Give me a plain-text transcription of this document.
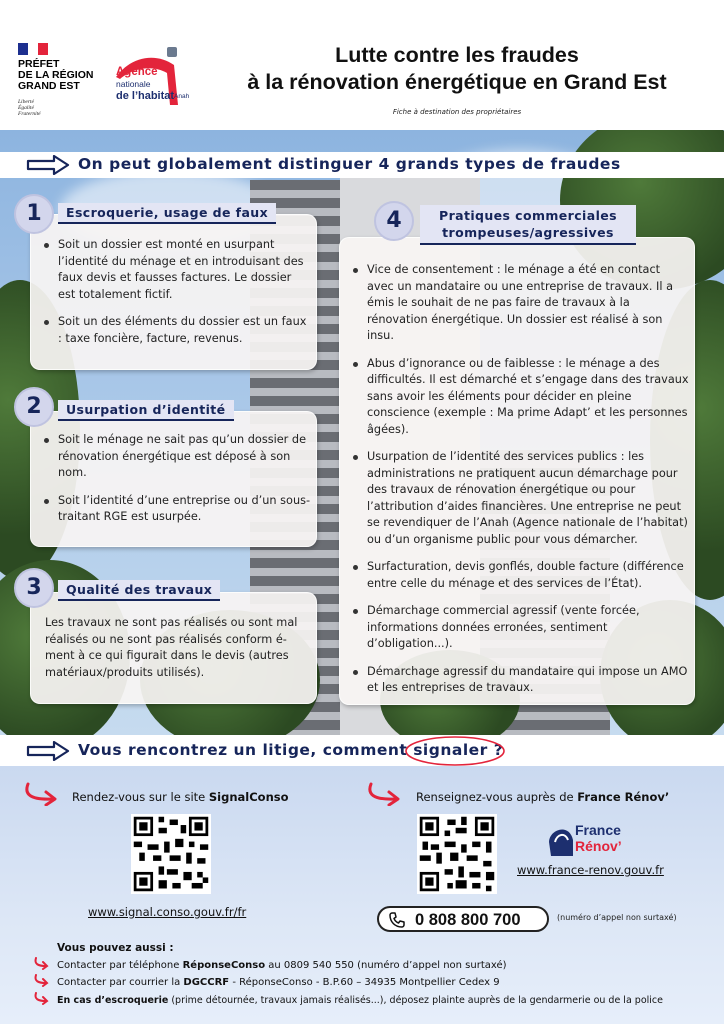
PRÉFET
DE LA RÉGION
GRAND EST
Liberté
Égalité
Fraternité
Agence
nationale
de l’habitat Anah
Lutte contre les fraudes
à la rénovation énergétique en Grand Est
Fiche à destination des propriétaires
On peut globalement distinguer 4 grands types de fraudes
Soit un dossier est monté en usurpant l’identité du ménage et en introduisant des faux devis et fausses factures. Le dossier est totalement fictif.
Soit un des éléments du dossier est un faux : taxe foncière, facture, revenus.
1	Escroquerie, usage de faux
Soit le ménage ne sait pas qu’un dossier de rénovation énergétique est déposé à son nom.
Soit l’identité d’une entreprise ou d’un sous-traitant RGE est usurpée.
2	Usurpation d’identité

Les travaux ne sont pas réalisés ou sont mal réalisés ou ne sont pas réalisés conform é-ment à ce qui figurait dans le devis (autres matériaux/produits utilisés).

3	Qualité des travaux
Vice de consentement : le ménage a été en contact avec un mandataire ou une entreprise de travaux. Il a émis le souhait de ne pas faire de travaux à la rénovation énergétique. Un dossier est réalisé à son insu.
Abus d’ignorance ou de faiblesse : le ménage a des difficultés. Il est démarché et s’engage dans des travaux sans avoir les éléments pour décider en pleine conscience (exemple : Ma prime Adapt’ et les personnes âgées).
Usurpation de l’identité des services publics : les administrations ne pratiquent aucun démarchage pour des travaux de rénovation énergétique ou pour l’attribution d’aides financières. Une entreprise ne peut se revendiquer de l’Anah (Agence nationale de l’habitat) ou d’un organisme public pour vous démarcher.
Surfacturation, devis gonflés, double facture (différence entre celle du ménage et des services de l’État).
Démarchage commercial agressif (vente forcée, informations données erronées, sentiment d’obligation...).
Démarchage agressif du mandataire qui impose un AMO et les entreprises de travaux.
4	Pratiques commerciales
trompeuses/agressives
Vous rencontrez un litige, comment signaler
?
Rendez-vous sur le site SignalConso
www.signal.conso.gouv.fr/fr
Renseignez-vous auprès de France Rénov’
France
Rénov’
www.france-renov.gouv.fr
0 808 800 700	(numéro d’appel non surtaxé)
Vous pouvez aussi :
Contacter par téléphone RéponseConso au 0809 540 550 (numéro d’appel non surtaxé)
Contacter par courrier la DGCCRF - RéponseConso - B.P.60 – 34935 Montpellier Cedex 9
En cas d’escroquerie (prime détournée, travaux jamais réalisés...), déposez plainte auprès de la gendarmerie ou de la police
